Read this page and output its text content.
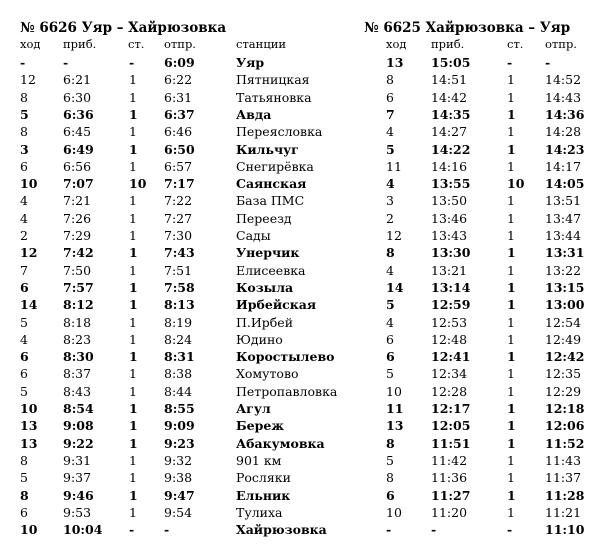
№ 6626 Уяр – Хайрюзовка	№ 6625 Хайрюзовка – Уяр
ход приб.	ст. отпр.	станции	ход приб.	ст. отпр.
-	-	- 6:09	Уяр	13 15:05	-	-
12 6:21	1 6:22	Пятницкая	8	14:51	1 14:52
8	6:30	1 6:31	Татьяновка	6	14:42	1 14:43
5	6:36	1 6:37	Авда	7	14:35	1 14:36
8	6:45	1 6:46	Переясловка	4	14:27	1 14:28
3	6:49	1 6:50	Кильчуг	5	14:22	1 14:23
6	6:56	1 6:57	Снегирёвка	11 14:16	1 14:17
10 7:07	10 7:17	Саянская	4	13:55	10 14:05
4	7:21	1 7:22	База ПМС	3	13:50	1 13:51
4	7:26	1 7:27	Переезд	2	13:46	1 13:47
2	7:29	1 7:30	Сады	12 13:43	1 13:44
12 7:42	1 7:43	Унерчик	8	13:30	1 13:31
7	7:50	1 7:51	Елисеевка	4	13:21	1 13:22
6	7:57	1 7:58	Козыла	14 13:14	1 13:15
14 8:12	1 8:13	Ирбейская	5	12:59	1 13:00
5	8:18	1 8:19	П.Ирбей	4	12:53	1 12:54
4	8:23	1 8:24	Юдино	6	12:48	1 12:49
6	8:30	1 8:31	Коростылево	6	12:41	1 12:42
6	8:37	1 8:38	Хомутово	5	12:34	1 12:35
5	8:43	1 8:44	Петропавловка	10 12:28	1 12:29
10 8:54	1 8:55	Агул	11 12:17	1 12:18
13 9:08	1 9:09	Береж	13 12:05	1 12:06
13 9:22	1 9:23	Абакумовка	8	11:51	1 11:52
8	9:31	1 9:32	901 км	5	11:42	1 11:43
5	9:37	1 9:38	Росляки	8	11:36	1 11:37
8	9:46	1 9:47	Ельник	6	11:27	1 11:28
6	9:53	1 9:54	Тулиха	10 11:20	1 11:21
10 10:04 - -	Хайрюзовка	-	-	-	11:10
